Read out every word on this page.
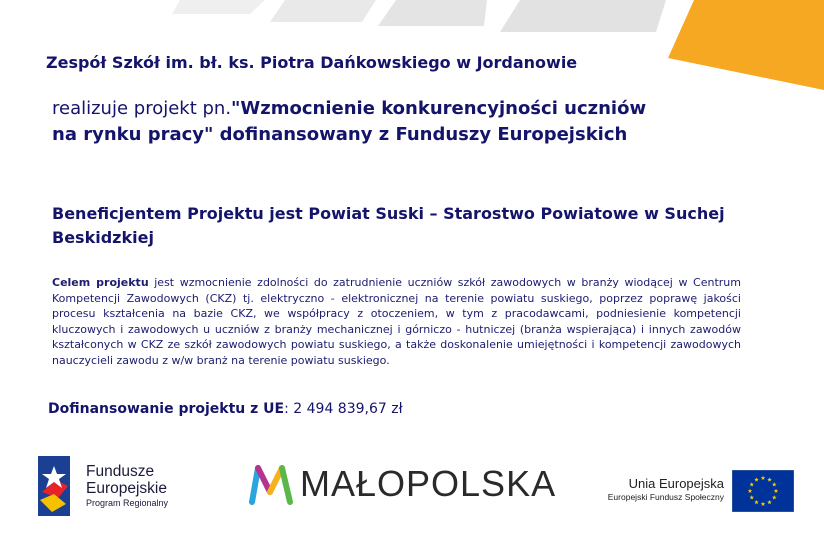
Zespół Szkół im. bł. ks. Piotra Dańkowskiego w Jordanowie
realizuje projekt pn."Wzmocnienie konkurencyjności uczniów na rynku pracy" dofinansowany z Funduszy Europejskich
Beneficjentem Projektu jest Powiat Suski – Starostwo Powiatowe w Suchej Beskidzkiej
Celem projektu jest wzmocnienie zdolności do zatrudnienie uczniów szkół zawodowych w branży wiodącej w Centrum Kompetencji Zawodowych (CKZ) tj. elektryczno - elektronicznej na terenie powiatu suskiego, poprzez poprawę jakości procesu kształcenia na bazie CKZ, we współpracy z otoczeniem, w tym z pracodawcami, podniesienie kompetencji kluczowych i zawodowych u uczniów z branży mechanicznej i górniczo - hutniczej (branża wspierająca) i innych zawodów kształconych w CKZ ze szkół zawodowych powiatu suskiego, a także doskonalenie umiejętności i kompetencji zawodowych nauczycieli zawodu z w/w branż na terenie powiatu suskiego.
Dofinansowanie projektu z UE: 2 494 839,67 zł
Fundusze
Europejskie
Program Regionalny	MAŁOPOLSKA	Unia Europejska
Europejski Fundusz Społeczny
